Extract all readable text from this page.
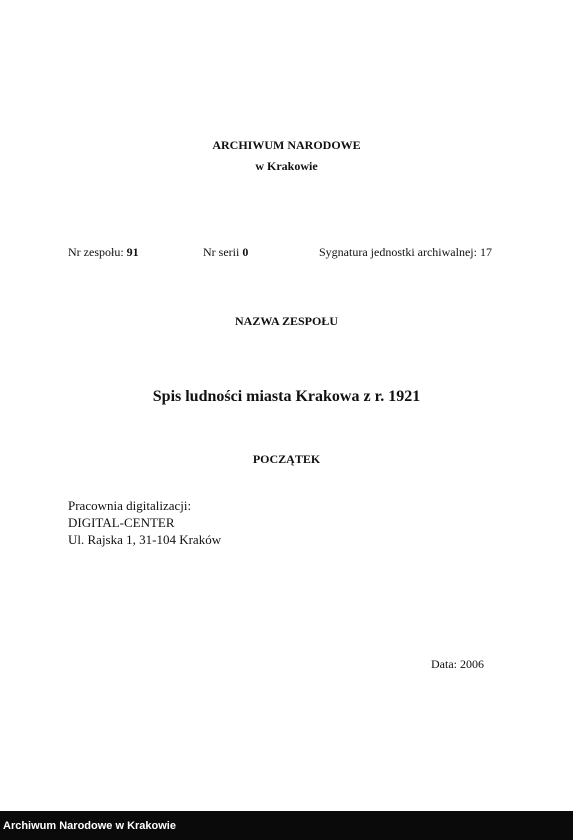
ARCHIWUM NARODOWE
w Krakowie
Nr zespołu: 91	Nr serii 0	Sygnatura jednostki archiwalnej: 17
NAZWA ZESPOŁU
Spis ludności miasta Krakowa z r. 1921
POCZĄTEK
Pracownia digitalizacji:
DIGITAL-CENTER
Ul. Rajska 1, 31-104 Kraków
Data: 2006
Archiwum Narodowe w Krakowie
